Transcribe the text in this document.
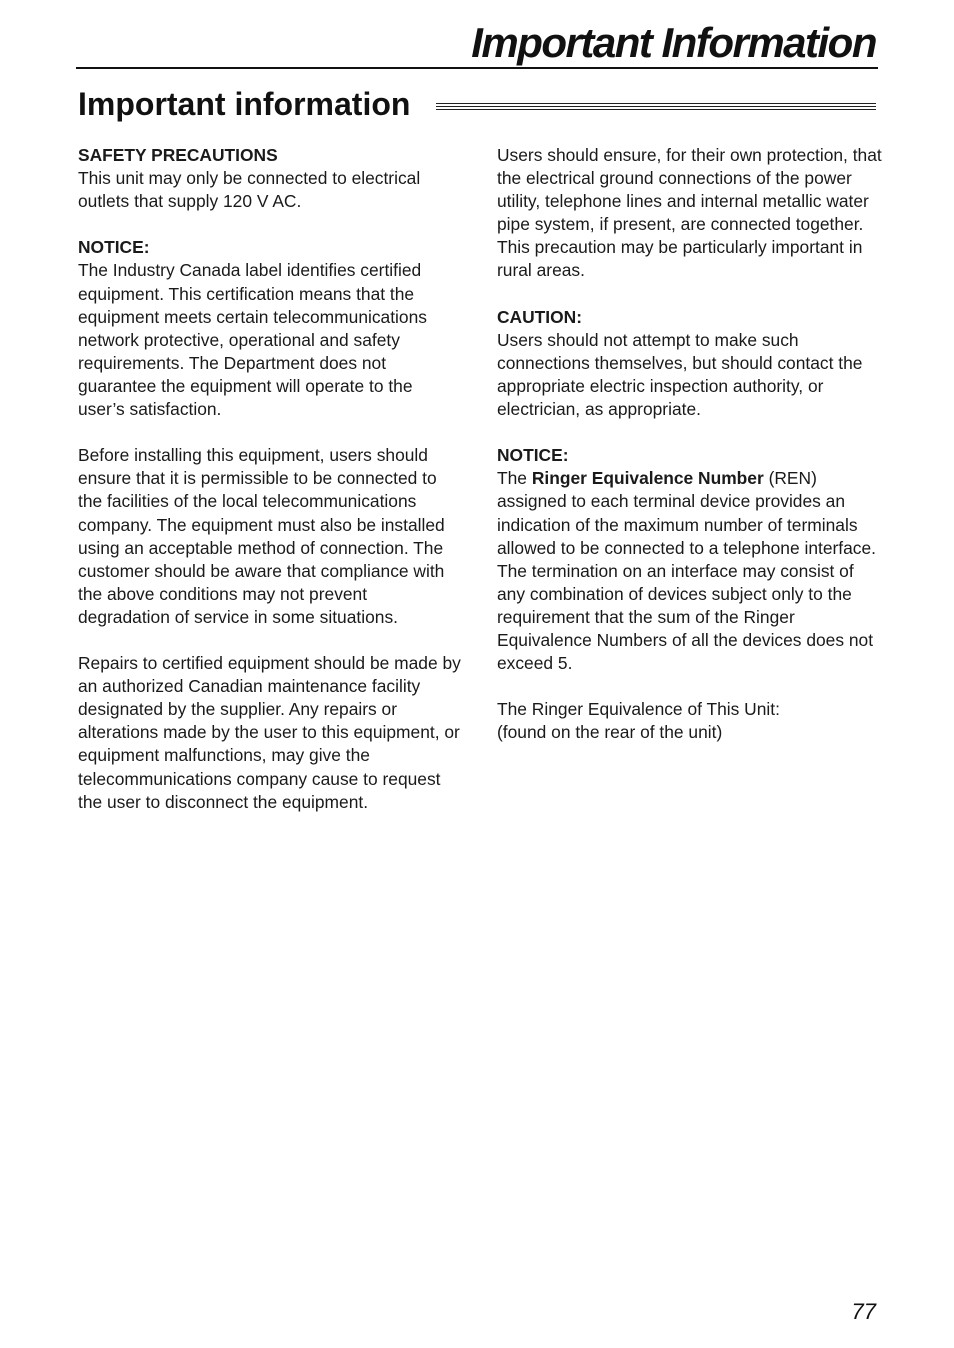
Important Information
Important information

SAFETY PRECAUTIONS
This unit may only be connected to electrical outlets that supply 120 V AC.

NOTICE:
The Industry Canada label identifies certified equipment. This certification means that the equipment meets certain telecommunications network protective, operational and safety requirements. The Department does not guarantee the equipment will operate to the user’s satisfaction.

Before installing this equipment, users should ensure that it is permissible to be connected to the facilities of the local telecommunications company. The equipment must also be installed using an acceptable method of connection. The customer should be aware that compliance with the above conditions may not prevent degradation of service in some situations.

Repairs to certified equipment should be made by an authorized Canadian maintenance facility designated by the supplier. Any repairs or alterations made by the user to this equipment, or equipment malfunctions, may give the telecommunications company cause to request the user to disconnect the equipment.

Users should ensure, for their own protection, that the electrical ground connections of the power utility, telephone lines and internal metallic water pipe system, if present, are connected together. This precaution may be particularly important in rural areas.

CAUTION:
Users should not attempt to make such connections themselves, but should contact the appropriate electric inspection authority, or electrician, as appropriate.

NOTICE:
The Ringer Equivalence Number (REN) assigned to each terminal device provides an indication of the maximum number of terminals allowed to be connected to a telephone interface. The termination on an interface may consist of any combination of devices subject only to the requirement that the sum of the Ringer Equivalence Numbers of all the devices does not exceed 5.

The Ringer Equivalence of This Unit:
(found on the rear of the unit)

77
